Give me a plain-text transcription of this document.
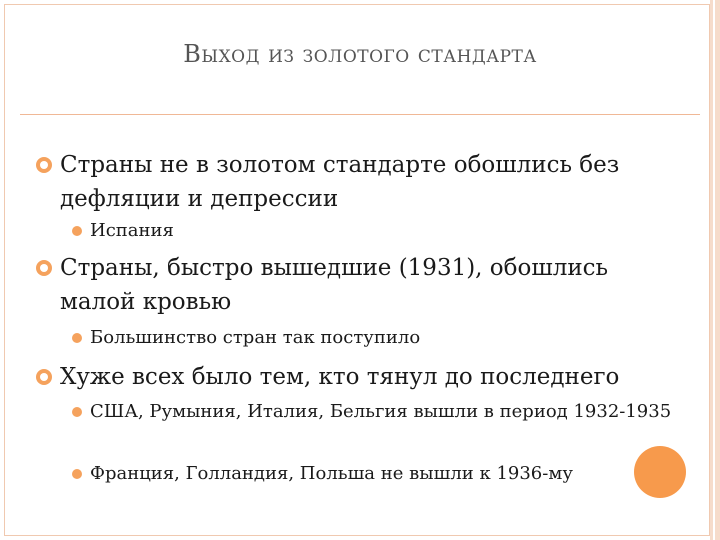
Выход из золотого стандарта
Страны не в золотом стандарте обошлись без дефляции и депрессии
Испания
Страны, быстро вышедшие (1931), обошлись малой кровью
Большинство стран так поступило
Хуже всех было тем, кто тянул до последнего
США, Румыния, Италия, Бельгия вышли в период 1932-1935
Франция, Голландия, Польша не вышли к 1936-му
